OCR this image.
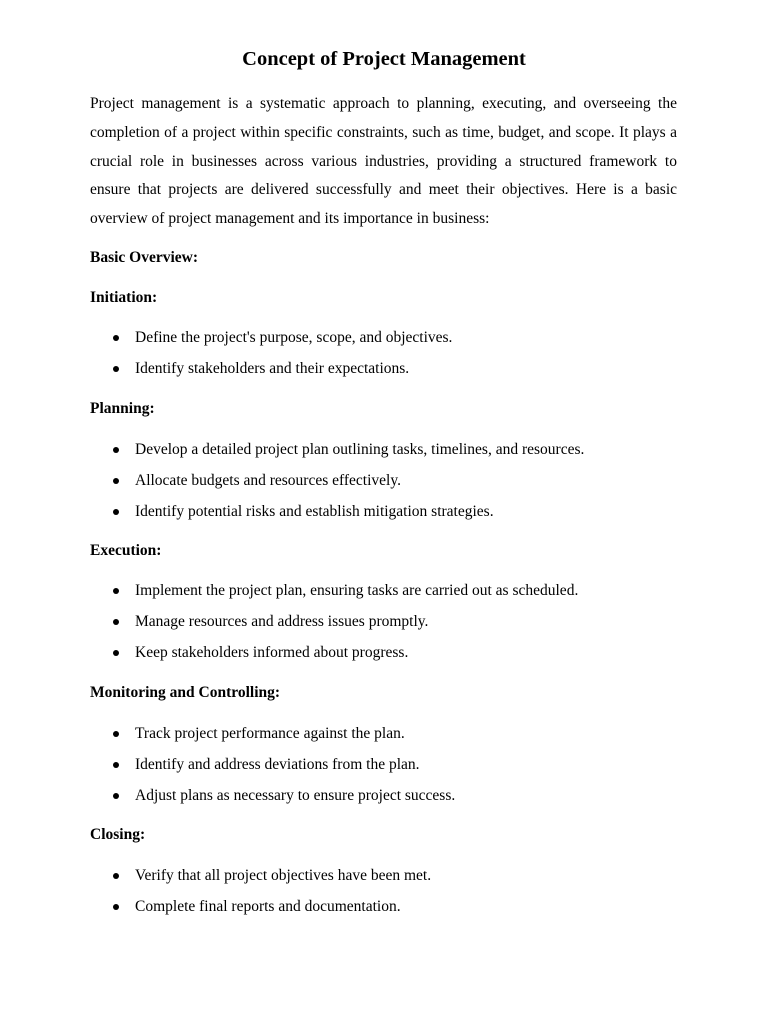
Concept of Project Management

Project management is a systematic approach to planning, executing, and overseeing the completion of a project within specific constraints, such as time, budget, and scope. It plays a crucial role in businesses across various industries, providing a structured framework to ensure that projects are delivered successfully and meet their objectives. Here is a basic overview of project management and its importance in business:

Basic Overview:

Initiation:

Define the project's purpose, scope, and objectives.
Identify stakeholders and their expectations.

Planning:

Develop a detailed project plan outlining tasks, timelines, and resources.
Allocate budgets and resources effectively.
Identify potential risks and establish mitigation strategies.

Execution:

Implement the project plan, ensuring tasks are carried out as scheduled.
Manage resources and address issues promptly.
Keep stakeholders informed about progress.

Monitoring and Controlling:

Track project performance against the plan.
Identify and address deviations from the plan.
Adjust plans as necessary to ensure project success.

Closing:

Verify that all project objectives have been met.
Complete final reports and documentation.
